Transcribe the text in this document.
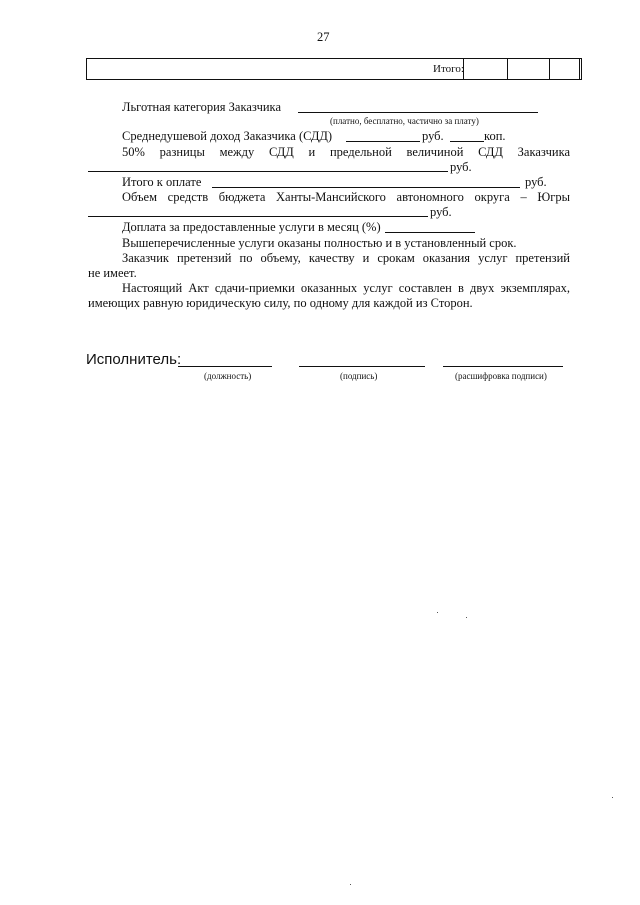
27
Итого:
Льготная категория Заказчика
(платно, бесплатно, частично за плату)
Среднедушевой доход Заказчика (СДД)	руб.	коп.
50% разницы между СДД и предельной величиной СДД Заказчика
руб.
Итого к оплате	руб.
Объем средств бюджета Ханты-Мансийского автономного округа – Югры
руб.
Доплата за предоставленные услуги в месяц (%)
Вышеперечисленные услуги оказаны полностью и в установленный срок.
Заказчик претензий по объему, качеству и срокам оказания услуг претензий
не имеет.
Настоящий Акт сдачи-приемки оказанных услуг составлен в двух экземплярах,
имеющих равную юридическую силу, по одному для каждой из Сторон.
Исполнитель:
(должность)	(подпись)	(расшифровка подписи)
